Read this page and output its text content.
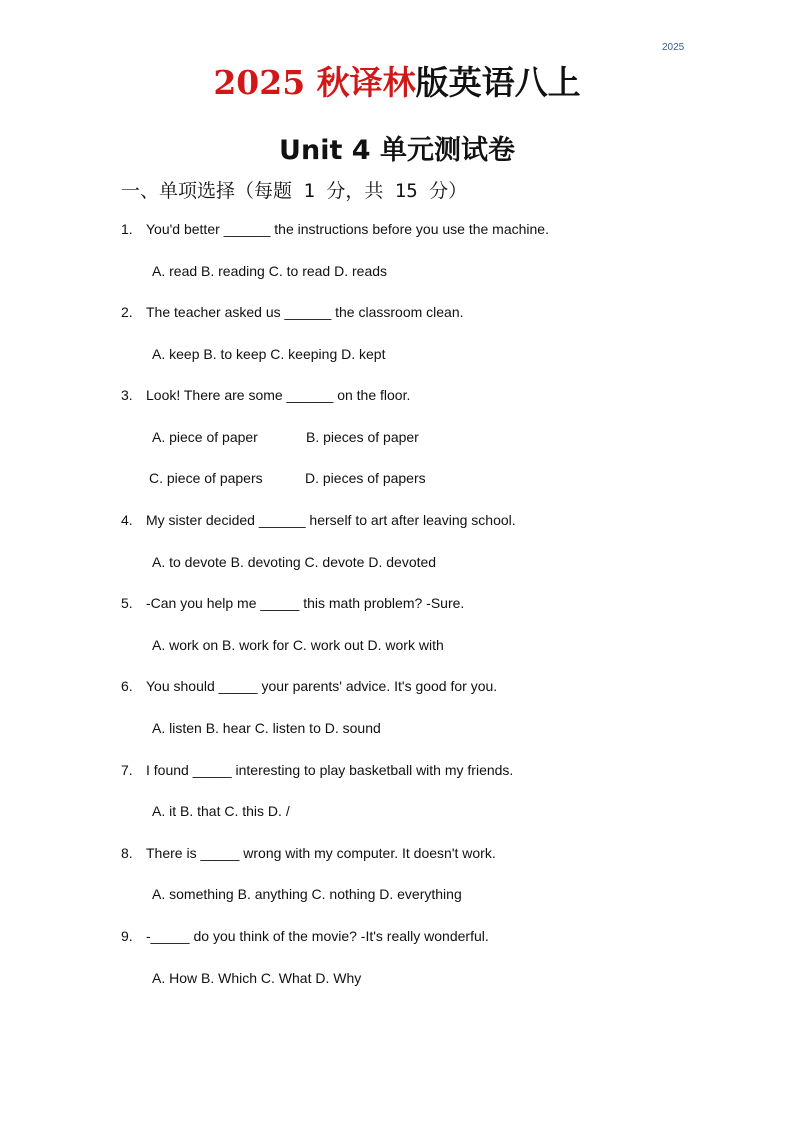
2025
2025 秋译林版英语八上
Unit 4 单元测试卷
一、单项选择（每题 1 分，共 15 分）
1. You'd better ______ the instructions before you use the machine.
A. read B. reading C. to read D. reads
2. The teacher asked us ______ the classroom clean.
A. keep B. to keep C. keeping D. kept
3. Look! There are some ______ on the floor.
A. piece of paper	B. pieces of paper
C. piece of papers	D. pieces of papers
4. My sister decided ______ herself to art after leaving school.
A. to devote B. devoting C. devote D. devoted
5. -Can you help me _____ this math problem? -Sure.
A. work on B. work for C. work out D. work with
6. You should _____ your parents' advice. It's good for you.
A. listen B. hear C. listen to D. sound
7. I found _____ interesting to play basketball with my friends.
A. it B. that C. this D. /
8. There is _____ wrong with my computer. It doesn't work.
A. something B. anything C. nothing D. everything
9. -_____ do you think of the movie? -It's really wonderful.
A. How B. Which C. What D. Why
